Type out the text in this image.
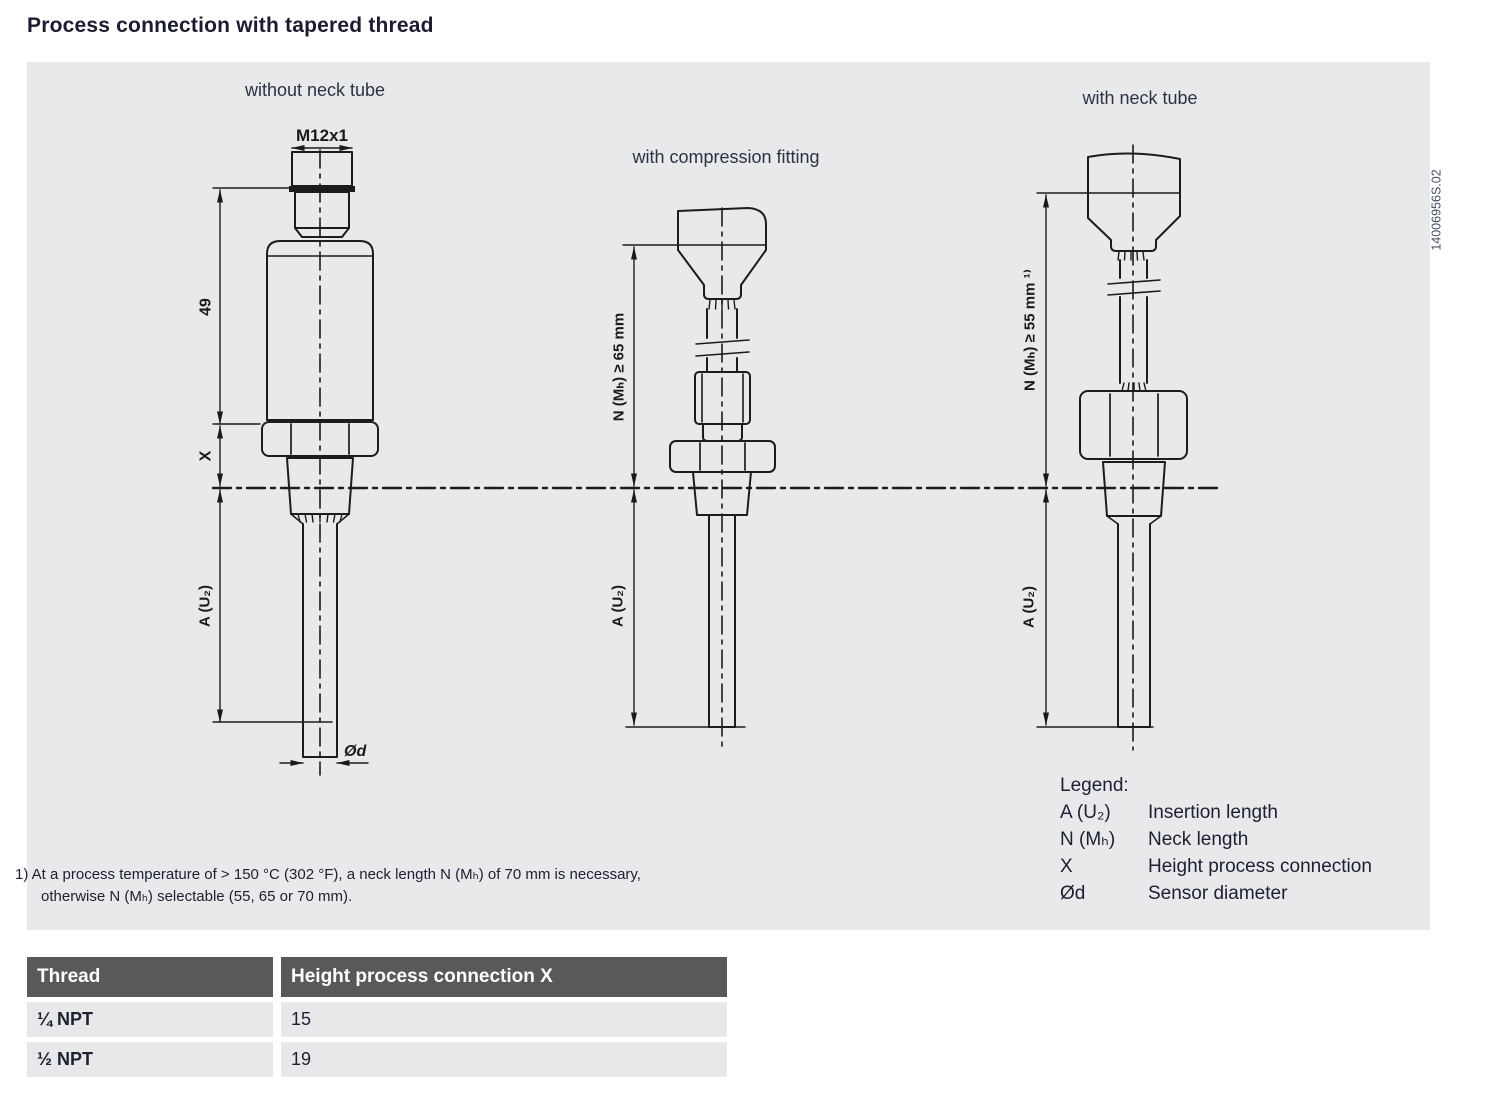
Process connection with tapered thread
without neck tube
with compression fitting
with neck tube
M12x1
49
X
A (U₂)
Ød
N (Mₕ) ≥ 65 mm
A (U₂)
N (Mₕ) ≥ 55 mm ¹⁾
A (U₂)
14006956S.02
Legend:
A (U₂)	Insertion length
N (Mₕ)	Neck length
X	Height process connection
Ød	Sensor diameter
1) At a process temperature of > 150 °C (302 °F), a neck length N (Mₕ) of 70 mm is necessary,
otherwise N (Mₕ) selectable (55, 65 or 70 mm).
Thread	Height process connection X
¼ NPT	15
½ NPT	19
